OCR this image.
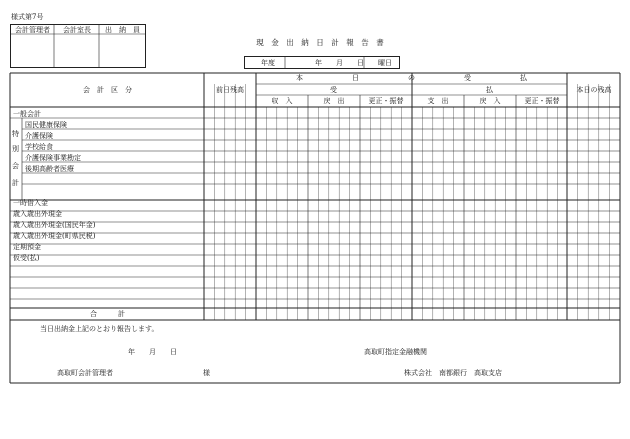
様式第7号
会計管理者	会計室長	出　納　員
現　金　出　納　日　計　報　告　書
年度	年　　月　　日 曜日
会　計　区　分	前日残高
本　　　　　　　日　　　　　　　の　　　　　　　受　　　　　　　払
受	払	本日の残高
収　入	戻　出	更正・振替	支　出	戻　入	更正・振替
一般会計
特
別
会
計
国民健康保険
介護保険
学校給食
介護保険事業勘定
後期高齢者医療
一時借入金
歳入歳出外現金
歳入歳出外現金(国民年金)
歳入歳出外現金(町県民税)
定期預金
仮受(払)
合　　　計
当日出納金上記のとおり報告します。
年　　月　　日	高取町指定金融機関
高取町会計管理者	様	株式会社　南都銀行　高取支店
